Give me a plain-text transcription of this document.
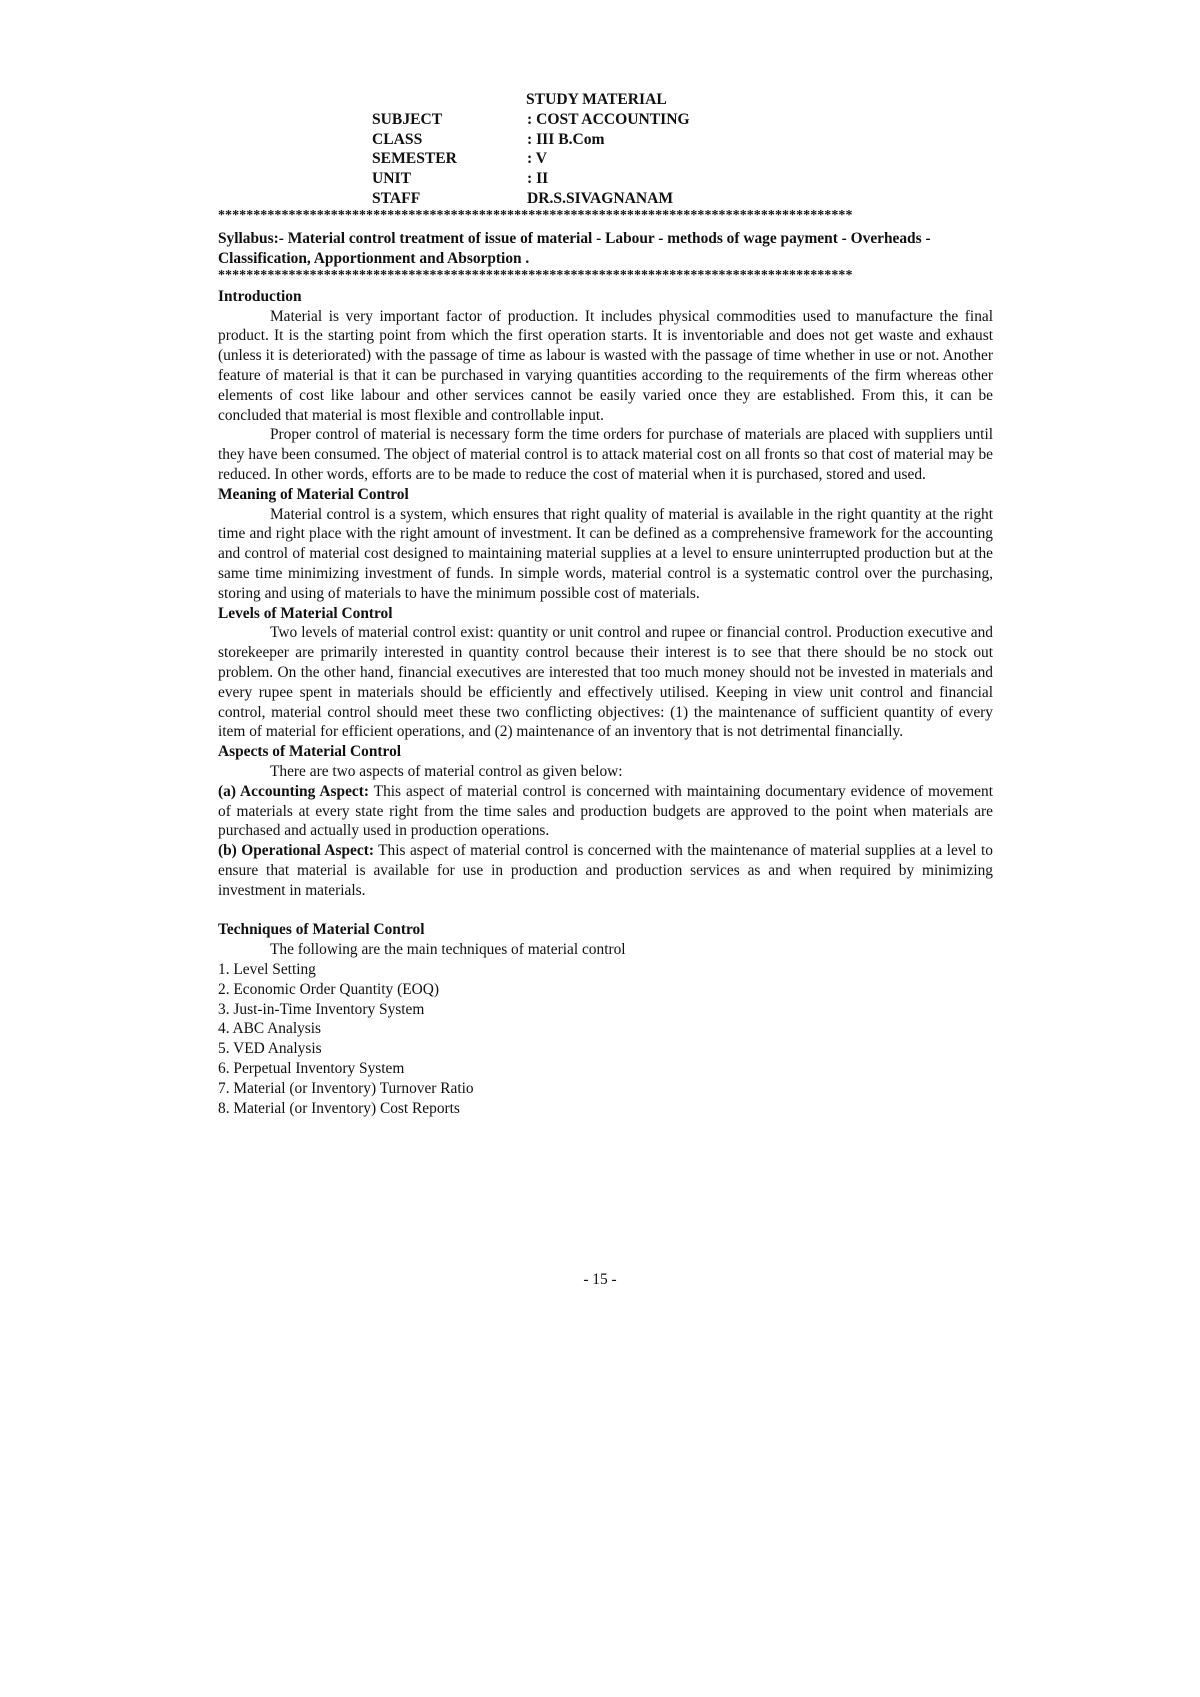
STUDY MATERIAL
SUBJECT	: COST ACCOUNTING
CLASS	: III B.Com
SEMESTER	: V
UNIT	: II
STAFF	DR.S.SIVAGNANAM
******************************************************************************************
Syllabus:- Material control treatment of issue of material - Labour - methods of wage payment - Overheads - Classification, Apportionment and Absorption .
******************************************************************************************

Introduction

Material is very important factor of production. It includes physical commodities used to manufacture the final product. It is the starting point from which the first operation starts. It is inventoriable and does not get waste and exhaust (unless it is deteriorated) with the passage of time as labour is wasted with the passage of time whether in use or not. Another feature of material is that it can be purchased in varying quantities according to the requirements of the firm whereas other elements of cost like labour and other services cannot be easily varied once they are established. From this, it can be concluded that material is most flexible and controllable input.

Proper control of material is necessary form the time orders for purchase of materials are placed with suppliers until they have been consumed. The object of material control is to attack material cost on all fronts so that cost of material may be reduced. In other words, efforts are to be made to reduce the cost of material when it is purchased, stored and used.

Meaning of Material Control

Material control is a system, which ensures that right quality of material is available in the right quantity at the right time and right place with the right amount of investment. It can be defined as a comprehensive framework for the accounting and control of material cost designed to maintaining material supplies at a level to ensure uninterrupted production but at the same time minimizing investment of funds. In simple words, material control is a systematic control over the purchasing, storing and using of materials to have the minimum possible cost of materials.

Levels of Material Control

Two levels of material control exist: quantity or unit control and rupee or financial control. Production executive and storekeeper are primarily interested in quantity control because their interest is to see that there should be no stock out problem. On the other hand, financial executives are interested that too much money should not be invested in materials and every rupee spent in materials should be efficiently and effectively utilised. Keeping in view unit control and financial control, material control should meet these two conflicting objectives: (1) the maintenance of sufficient quantity of every item of material for efficient operations, and (2) maintenance of an inventory that is not detrimental financially.

Aspects of Material Control

There are two aspects of material control as given below:

(a) Accounting Aspect: This aspect of material control is concerned with maintaining documentary evidence of movement of materials at every state right from the time sales and production budgets are approved to the point when materials are purchased and actually used in production operations.

(b) Operational Aspect: This aspect of material control is concerned with the maintenance of material supplies at a level to ensure that material is available for use in production and production services as and when required by minimizing investment in materials.

Techniques of Material Control

The following are the main techniques of material control

1. Level Setting
2. Economic Order Quantity (EOQ)
3. Just-in-Time Inventory System
4. ABC Analysis
5. VED Analysis
6. Perpetual Inventory System
7. Material (or Inventory) Turnover Ratio
8. Material (or Inventory) Cost Reports
- 15 -
